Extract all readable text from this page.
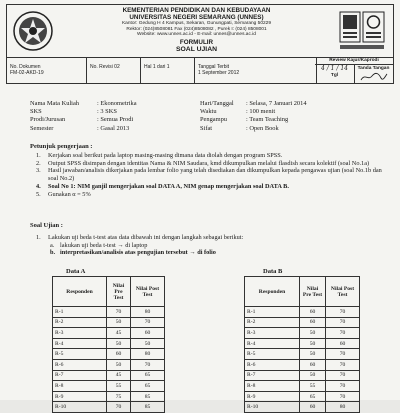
KEMENTERIAN PENDIDIKAN DAN KEBUDAYAAN
UNIVERSITAS NEGERI SEMARANG (UNNES)
Kantor: Gedung H 4 Kampus, Sekaran, Gunungpati, Semarang 50229
Rektor: (024)8508081 Fax (024)8508082 , Purek I: (024) 8508001
Website: www.unnes.ac.id - E-mail: unnes@unnes.ac.id
FORMULIR
SOAL UJIAN
No. Dokumen
FM-02-AKD-19
No. Revisi 02	Hal 1 dari 1	Tanggal Terbit
1 September 2012
Review Kajur/Kaprodi
4 / 1 / 14
Tgl
Tanda Tangan
Nama Mata Kuliah	: Ekonometrika
SKS	: 3 SKS
Prodi/Jurusan	: Semua Prodi
Semester	: Gasal 2013
Hari/Tanggal : Selasa, 7 Januari 2014
Waktu	: 100 menit
Pengampu	: Team Teaching
Sifat	: Open Book
Petunjuk pengerjaan :
1. Kerjakan soal berikut pada laptop masing-masing dimana data diolah dengan program SPSS.
2. Output SPSS disimpan dengan identitas Nama & NIM Saudara, kmd dikumpulkan melalui flasdish secara kolektif (soal No.1a)
3. Hasil jawaban/analisis dikerjakan pada lembar folio yang telah disediakan dan dikumpulkan kepada pengawas ujian (soal No.1b dan soal No.2)
4. Soal No 1: NIM ganjil mengerjakan soal DATA A, NIM genap mengerjakan soal DATA B.
5. Gunakan α = 5%
Soal Ujian :
1. Lakukan uji beda t-test atas data dibawah ini dengan langkah sebagai berikut:
a. lakukan uji beda t-test → di laptop
b. interpretasikan/analisis atas pengujian tersebut → di folio
Data A
Responden	Nilai Pre Test	Nilai Post Test
R-1	70	80
R-2	50	70
R-3	45	60
R-4	50	50
R-5	60	80
R-6	50	70
R-7	45	65
R-8	55	65
R-9	75	85
R-10	70	85
Data B
Responden	Nilai Pre Test	Nilai Post Test
R-1	60	70
R-2	60	70
R-3	50	70
R-4	50	60
R-5	50	70
R-6	60	70
R-7	50	70
R-8	55	70
R-9	65	70
R-10	60	80
